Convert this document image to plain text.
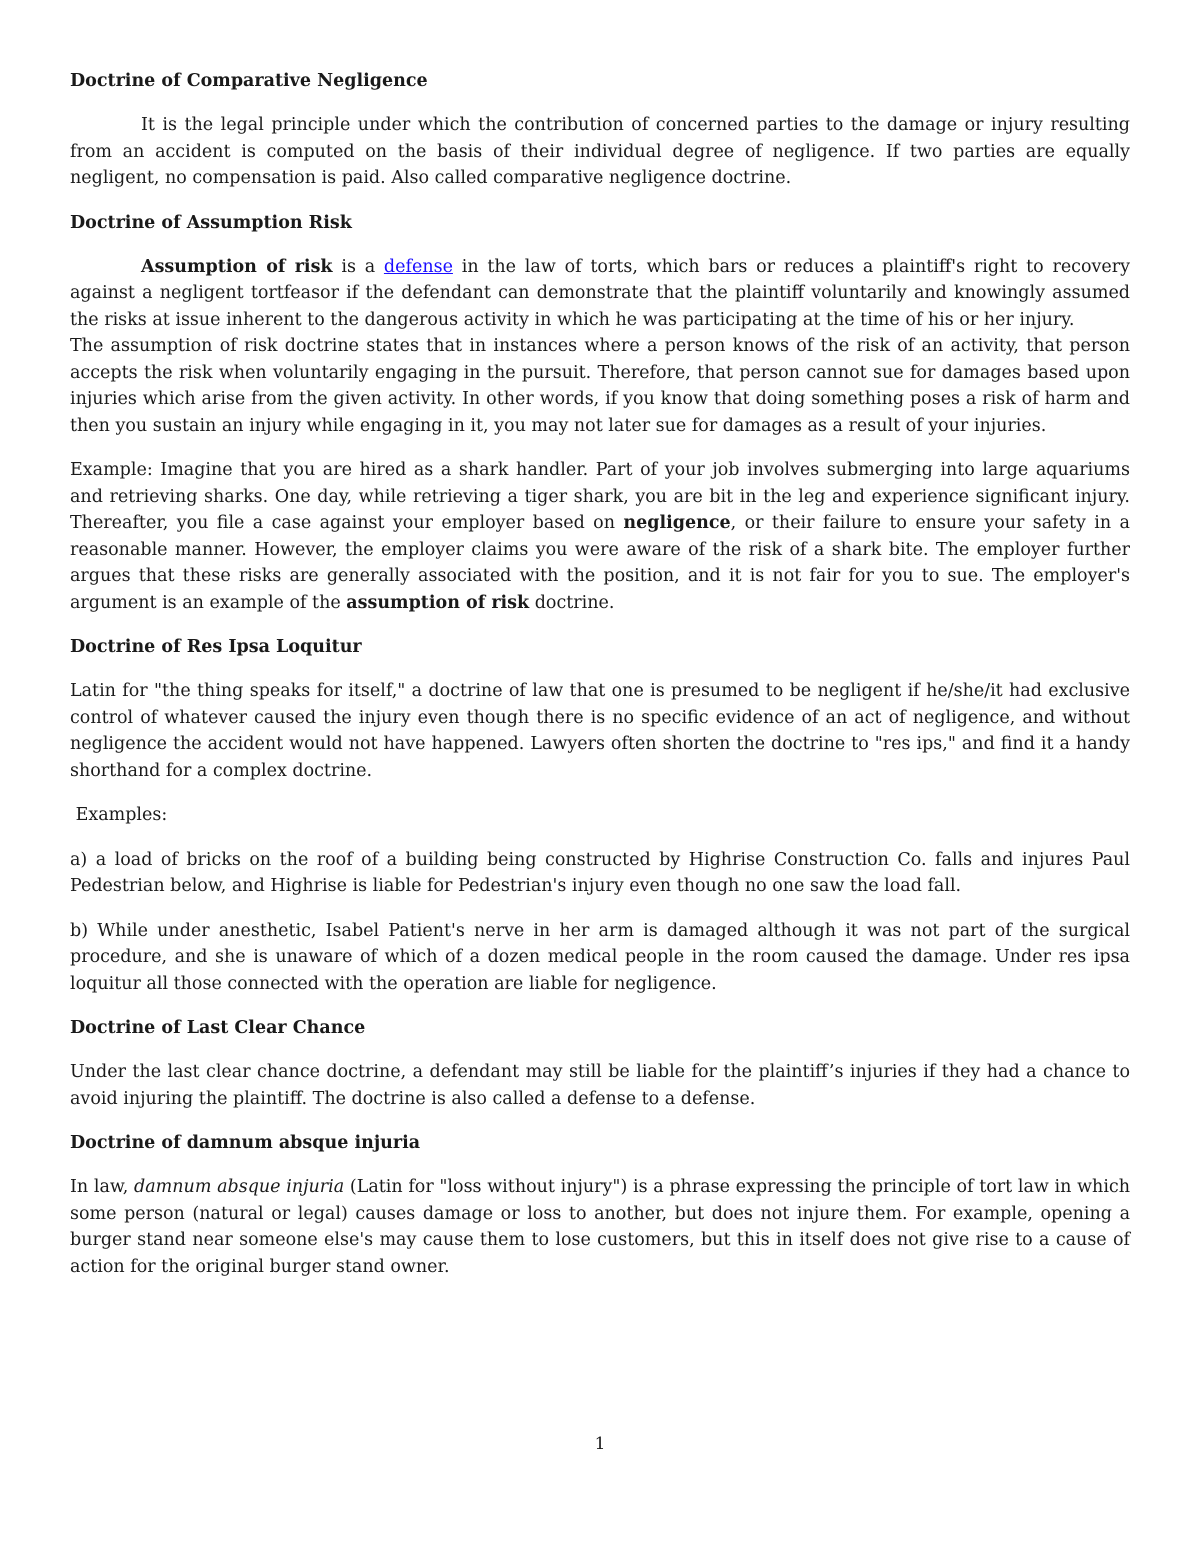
Doctrine of Comparative Negligence

It is the legal principle under which the contribution of concerned parties to the damage or injury resulting from an accident is computed on the basis of their individual degree of negligence. If two parties are equally negligent, no compensation is paid. Also called comparative negligence doctrine.

Doctrine of Assumption Risk

Assumption of risk is a defense in the law of torts, which bars or reduces a plaintiff's right to recovery against a negligent tortfeasor if the defendant can demonstrate that the plaintiff voluntarily and knowingly assumed the risks at issue inherent to the dangerous activity in which he was participating at the time of his or her injury.

The assumption of risk doctrine states that in instances where a person knows of the risk of an activity, that person accepts the risk when voluntarily engaging in the pursuit. Therefore, that person cannot sue for damages based upon injuries which arise from the given activity. In other words, if you know that doing something poses a risk of harm and then you sustain an injury while engaging in it, you may not later sue for damages as a result of your injuries.

Example: Imagine that you are hired as a shark handler. Part of your job involves submerging into large aquariums and retrieving sharks. One day, while retrieving a tiger shark, you are bit in the leg and experience significant injury. Thereafter, you file a case against your employer based on negligence, or their failure to ensure your safety in a reasonable manner. However, the employer claims you were aware of the risk of a shark bite. The employer further argues that these risks are generally associated with the position, and it is not fair for you to sue. The employer's argument is an example of the assumption of risk doctrine.

Doctrine of Res Ipsa Loquitur

Latin for "the thing speaks for itself," a doctrine of law that one is presumed to be negligent if he/she/it had exclusive control of whatever caused the injury even though there is no specific evidence of an act of negligence, and without negligence the accident would not have happened. Lawyers often shorten the doctrine to "res ips," and find it a handy shorthand for a complex doctrine.

Examples:

a) a load of bricks on the roof of a building being constructed by Highrise Construction Co. falls and injures Paul Pedestrian below, and Highrise is liable for Pedestrian's injury even though no one saw the load fall.

b) While under anesthetic, Isabel Patient's nerve in her arm is damaged although it was not part of the surgical procedure, and she is unaware of which of a dozen medical people in the room caused the damage. Under res ipsa loquitur all those connected with the operation are liable for negligence.

Doctrine of Last Clear Chance

Under the last clear chance doctrine, a defendant may still be liable for the plaintiff’s injuries if they had a chance to avoid injuring the plaintiff. The doctrine is also called a defense to a defense.

Doctrine of damnum absque injuria

In law, damnum absque injuria (Latin for "loss without injury") is a phrase expressing the principle of tort law in which some person (natural or legal) causes damage or loss to another, but does not injure them. For example, opening a burger stand near someone else's may cause them to lose customers, but this in itself does not give rise to a cause of action for the original burger stand owner.

1
